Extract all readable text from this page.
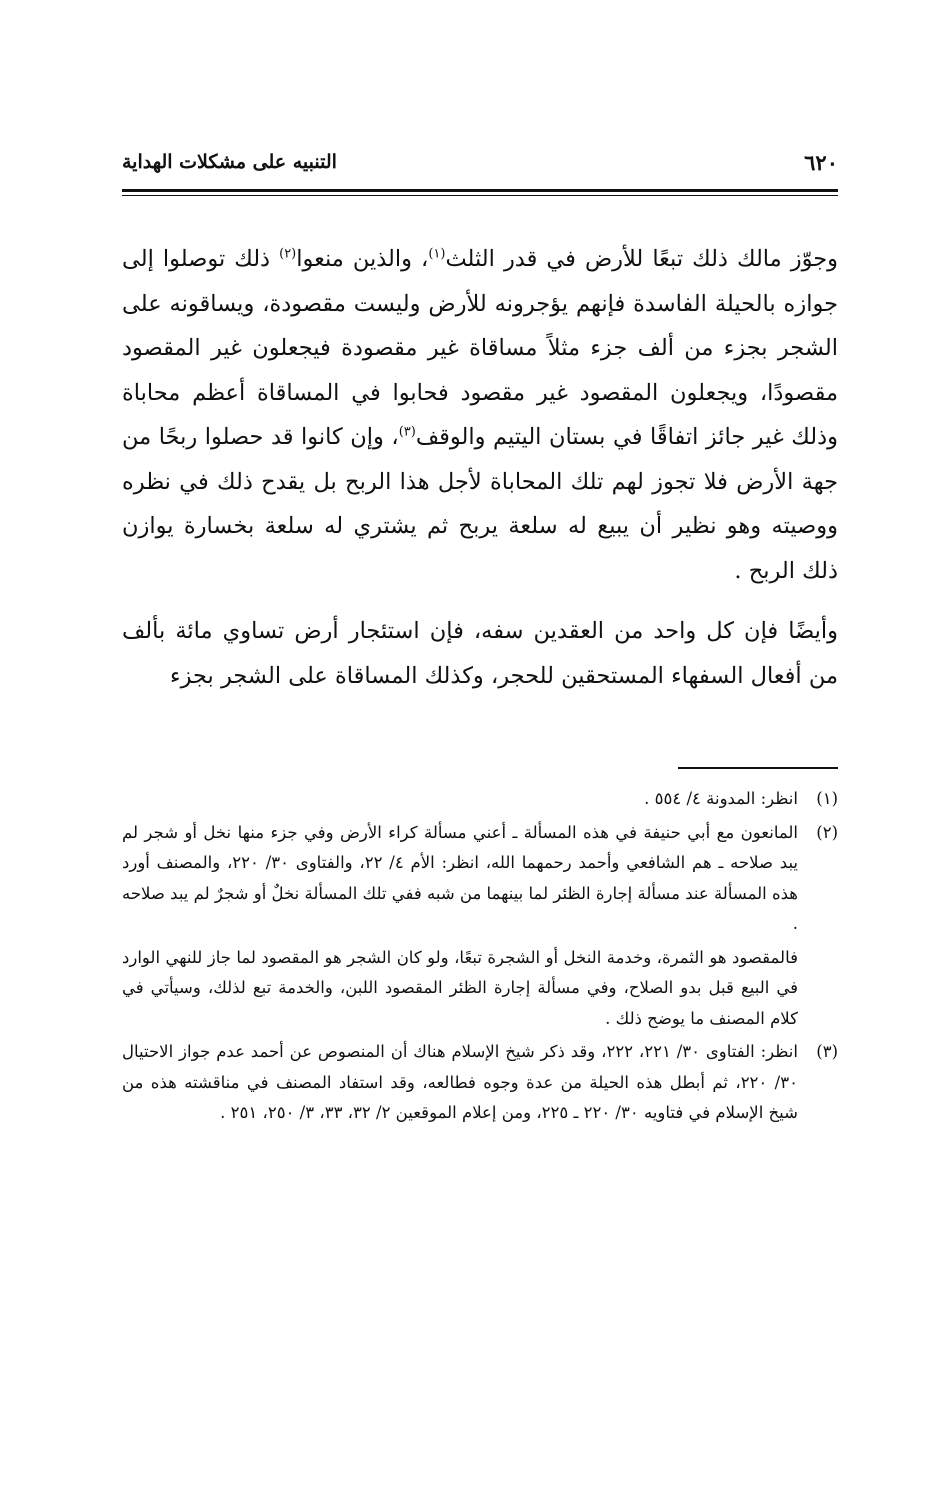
٦٢٠
التنبيه على مشكلات الهداية

وجوّز مالك ذلك تبعًا للأرض في قدر الثلث$^{(١)}$، والذين منعوا$^{(٢)}$ ذلك توصلوا إلى جوازه بالحيلة الفاسدة فإنهم يؤجرونه للأرض وليست مقصودة، ويساقونه على الشجر بجزء من ألف جزء مثلاً مساقاة غير مقصودة فيجعلون غير المقصود مقصودًا، ويجعلون المقصود غير مقصود فحابوا في المساقاة أعظم محاباة وذلك غير جائز اتفاقًا في بستان اليتيم والوقف$^{(٣)}$، وإن كانوا قد حصلوا ربحًا من جهة الأرض فلا تجوز لهم تلك المحاباة لأجل هذا الربح بل يقدح ذلك في نظره ووصيته وهو نظير أن يبيع له سلعة يربح ثم يشتري له سلعة بخسارة يوازن ذلك الربح .

وأيضًا فإن كل واحد من العقدين سفه، فإن استئجار أرض تساوي مائة بألف من أفعال السفهاء المستحقين للحجر، وكذلك المساقاة على الشجر بجزء

(١)
انظر: المدونة ٤/ ٥٥٤ .

(٢)
المانعون مع أبي حنيفة في هذه المسألة ـ أعني مسألة كراء الأرض وفي جزء منها نخل أو شجر لم يبد صلاحه ـ هم الشافعي وأحمد رحمهما الله، انظر: الأم ٤/ ٢٢، والفتاوى ٣٠/ ٢٢٠، والمصنف أورد هذه المسألة عند مسألة إجارة الظئر لما بينهما من شبه ففي تلك المسألة نخلٌ أو شجرٌ لم يبد صلاحه .

فالمقصود هو الثمرة، وخدمة النخل أو الشجرة تبعًا، ولو كان الشجر هو المقصود لما جاز للنهي الوارد في البيع قبل بدو الصلاح، وفي مسألة إجارة الظئر المقصود اللبن، والخدمة تبع لذلك، وسيأتي في كلام المصنف ما يوضح ذلك .

(٣)
انظر: الفتاوى ٣٠/ ٢٢١، ٢٢٢، وقد ذكر شيخ الإسلام هناك أن المنصوص عن أحمد عدم جواز الاحتيال ٣٠/ ٢٢٠، ثم أبطل هذه الحيلة من عدة وجوه فطالعه، وقد استفاد المصنف في مناقشته هذه من شيخ الإسلام في فتاويه ٣٠/ ٢٢٠ ـ ٢٢٥، ومن إعلام الموقعين ٢/ ٣٢، ٣٣، ٣/ ٢٥٠، ٢٥١ .
